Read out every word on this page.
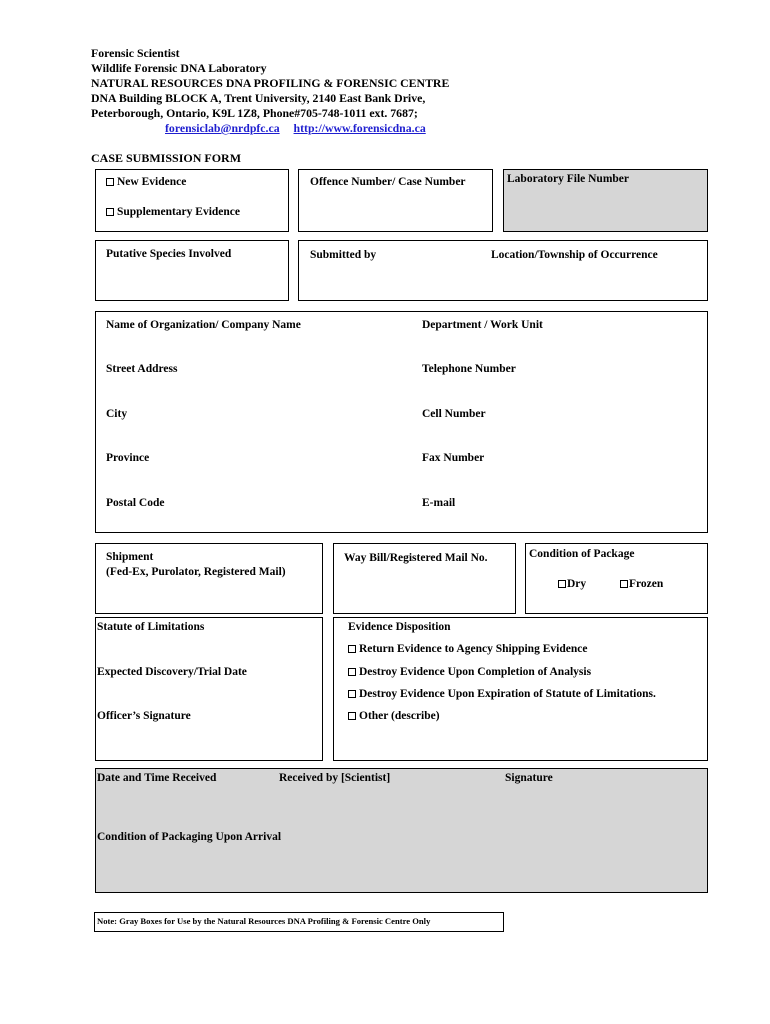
Forensic Scientist
Wildlife Forensic DNA Laboratory
NATURAL RESOURCES DNA PROFILING & FORENSIC CENTRE
DNA Building BLOCK A, Trent University, 2140 East Bank Drive,
Peterborough, Ontario, K9L 1Z8, Phone#705-748-1011 ext. 7687;
forensiclab@nrdpfc.ca http://www.forensicdna.ca
CASE SUBMISSION FORM
New Evidence
Supplementary Evidence
Offence Number/ Case Number	Laboratory File Number
Putative Species Involved	Submitted by	Location/Township of Occurrence
Name of Organization/ Company Name	Department / Work Unit
Street Address	Telephone Number
City	Cell Number
Province	Fax Number
Postal Code	E-mail
Shipment
(Fed-Ex, Purolator, Registered Mail)
Way Bill/Registered Mail No.	Condition of Package
Dry	Frozen
Statute of Limitations
Expected Discovery/Trial Date
Officer’s Signature
Evidence Disposition
Return Evidence to Agency Shipping Evidence
Destroy Evidence Upon Completion of Analysis
Destroy Evidence Upon Expiration of Statute of Limitations.
Other (describe)
Date and Time Received	Received by [Scientist]	Signature
Condition of Packaging Upon Arrival
Note: Gray Boxes for Use by the Natural Resources DNA Profiling & Forensic Centre Only
